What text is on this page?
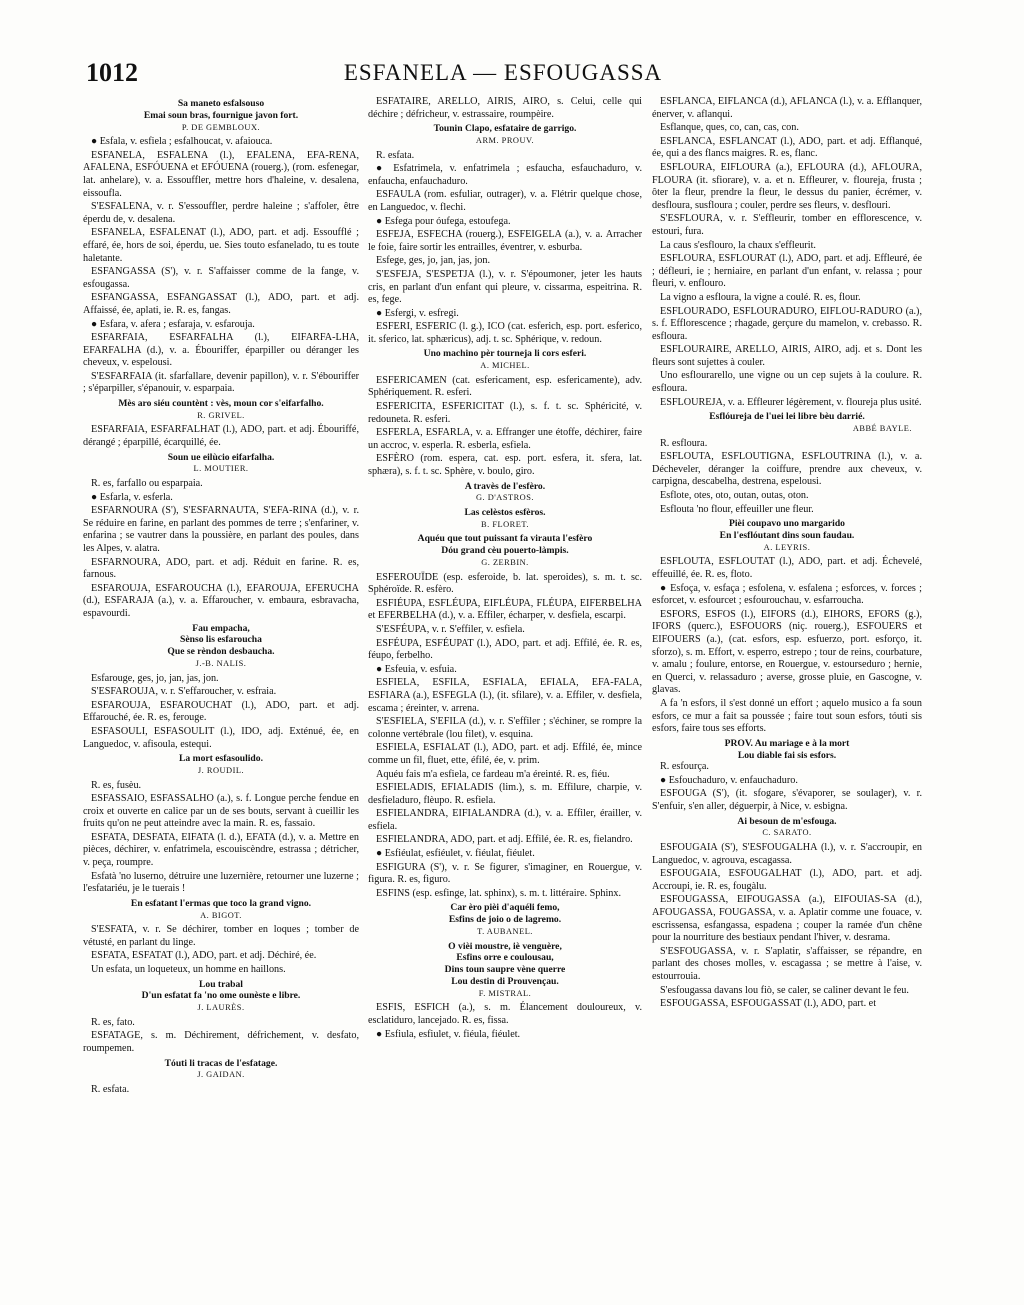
1012	ESFANELA — ESFOUGASSA
Sa maneto esfalsouso
Emai soun bras, fournigue javon fort.
P. DE GEMBLOUX.

● Esfala, v. esfiela ; esfalhoucat, v. afaiouca.

ESFANELA, ESFALENA (l.), EFALENA, EFA-RENA, AFALENA, ESFÓUENA et EFÓUENA (rouerg.), (rom. esfenegar, lat. anhelare), v. a. Essouffler, mettre hors d'haleine, v. desalena, eissoufla.

S'ESFALENA, v. r. S'essouffler, perdre haleine ; s'affoler, être éperdu de, v. desalena.

ESFANELA, ESFALENAT (l.), ADO, part. et adj. Essoufflé ; effaré, ée, hors de soi, éperdu, ue. Sies touto esfanelado, tu es toute haletante.

ESFANGASSA (S'), v. r. S'affaisser comme de la fange, v. esfougassa.

ESFANGASSA, ESFANGASSAT (l.), ADO, part. et adj. Affaissé, ée, aplati, ie. R. es, fangas.

● Esfara, v. afera ; esfaraja, v. esfarouja.

ESFARFAIA, ESFARFALHA (l.), EIFARFA-LHA, EFARFALHA (d.), v. a. Ébouriffer, éparpiller ou déranger les cheveux, v. espelousi.

S'ESFARFAIA (it. sfarfallare, devenir papillon), v. r. S'ébouriffer ; s'éparpiller, s'épanouir, v. esparpaia.

Mès aro siéu countènt : vès, moun cor s'eifarfalho.
R. GRIVEL.

ESFARFAIA, ESFARFALHAT (l.), ADO, part. et adj. Ébouriffé, dérangé ; éparpillé, écarquillé, ée.

Soun ue eilùcio eifarfalha.
L. MOUTIER.

R. es, farfallo ou esparpaia.

● Esfarla, v. esferla.

ESFARNOURA (S'), S'ESFARNAUTA, S'EFA-RINA (d.), v. r. Se réduire en farine, en parlant des pommes de terre ; s'enfariner, v. enfarina ; se vautrer dans la poussière, en parlant des poules, dans les Alpes, v. alatra.

ESFARNOURA, ADO, part. et adj. Réduit en farine. R. es, farnous.

ESFAROUJA, ESFAROUCHA (l.), EFAROUJA, EFERUCHA (d.), ESFARAJA (a.), v. a. Effaroucher, v. embaura, esbravacha, espavourdi.

Fau empacha,
Sènso lis esfaroucha
Que se rèndon desbaucha.
J.-B. NALIS.

Esfarouge, ges, jo, jan, jas, jon.

S'ESFAROUJA, v. r. S'effaroucher, v. esfraia.

ESFAROUJA, ESFAROUCHAT (l.), ADO, part. et adj. Effarouché, ée. R. es, ferouge.

ESFASOULI, ESFASOULIT (l.), IDO, adj. Exténué, ée, en Languedoc, v. afisoula, estequi.

La mort esfasoulido.
J. ROUDIL.

R. es, fusèu.

ESFASSAIO, ESFASSALHO (a.), s. f. Longue perche fendue en croix et ouverte en calice par un de ses bouts, servant à cueillir les fruits qu'on ne peut atteindre avec la main. R. es, fassaio.

ESFATA, DESFATA, EIFATA (l. d.), EFATA (d.), v. a. Mettre en pièces, déchirer, v. enfatrimela, escouiscèndre, estrassa ; détricher, v. peça, roumpre.

Esfatà 'no luserno, détruire une luzernière, retourner une luzerne ; l'esfatariéu, je le tuerais !

En esfatant l'ermas que toco la grand vigno.
A. BIGOT.

S'ESFATA, v. r. Se déchirer, tomber en loques ; tomber de vétusté, en parlant du linge.

ESFATA, ESFATAT (l.), ADO, part. et adj. Déchiré, ée.

Un esfata, un loqueteux, un homme en haillons.

Lou trabal
D'un esfatat fa 'no ome ounèste e libre.
J. LAURÈS.

R. es, fato.

ESFATAGE, s. m. Déchirement, défrichement, v. desfato, roumpemen.

Tóuti li tracas de l'esfatage.
J. GAIDAN.

R. esfata.

ESFATAIRE, ARELLO, AIRIS, AIRO, s. Celui, celle qui déchire ; défricheur, v. estrassaire, roumpèire.

Tounin Clapo, esfataire de garrigo.
ARM. PROUV.

R. esfata.

● Esfatrimela, v. enfatrimela ; esfaucha, esfauchaduro, v. enfaucha, enfauchaduro.

ESFAULA (rom. esfuliar, outrager), v. a. Flétrir quelque chose, en Languedoc, v. flechi.

● Esfega pour óufega, estoufega.

ESFEJA, ESFECHA (rouerg.), ESFEIGELA (a.), v. a. Arracher le foie, faire sortir les entrailles, éventrer, v. esburba.

Esfege, ges, jo, jan, jas, jon.

S'ESFEJA, S'ESPETJA (l.), v. r. S'époumoner, jeter les hauts cris, en parlant d'un enfant qui pleure, v. cissarma, espeitrina. R. es, fege.

● Esfergi, v. esfregi.

ESFERI, ESFERIC (l. g.), ICO (cat. esferich, esp. port. esferico, it. sferico, lat. sphæricus), adj. t. sc. Sphérique, v. redoun.

Uno machino pèr tourneja li cors esferi.
A. MICHEL.

ESFERICAMEN (cat. esfericament, esp. esfericamente), adv. Sphériquement. R. esferi.

ESFERICITA, ESFERICITAT (l.), s. f. t. sc. Sphéricité, v. redouneta. R. esferi.

ESFERLA, ESFARLA, v. a. Effranger une étoffe, déchirer, faire un accroc, v. esperla. R. esberla, esfiela.

ESFÈRO (rom. espera, cat. esp. port. esfera, it. sfera, lat. sphæra), s. f. t. sc. Sphère, v. boulo, giro.

A travès de l'esfèro.
G. D'ASTROS.
Las celèstos esfèros.
B. FLORET.
Aquéu que tout puissant fa virauta l'esfèro
Dóu grand cèu pouerto-làmpis.
G. ZERBIN.

ESFEROUÏDE (esp. esferoide, b. lat. speroides), s. m. t. sc. Sphéroïde. R. esfèro.

ESFIÉUPA, ESFLÉUPA, EIFLÉUPA, FLÉUPA, EIFERBELHA et EFERBELHA (d.), v. a. Effiler, écharper, v. desfiela, escarpi.

S'ESFÉUPA, v. r. S'effiler, v. esfiela.

ESFÉUPA, ESFÉUPAT (l.), ADO, part. et adj. Effilé, ée. R. es, féupo, ferbelho.

● Esfeuia, v. esfuia.

ESFIELA, ESFILA, ESFIALA, EFIALA, EFA-FALA, ESFIARA (a.), ESFEGLA (l.), (it. sfilare), v. a. Effiler, v. desfiela, escama ; éreinter, v. arrena.

S'ESFIELA, S'EFILA (d.), v. r. S'effiler ; s'échiner, se rompre la colonne vertébrale (lou filet), v. esquina.

ESFIELA, ESFIALAT (l.), ADO, part. et adj. Effilé, ée, mince comme un fil, fluet, ette, éfilé, ée, v. prim.

Aquéu fais m'a esfiela, ce fardeau m'a éreinté. R. es, fiéu.

ESFIELADIS, EFIALADIS (lim.), s. m. Effilure, charpie, v. desfieladuro, flèupo. R. esfiela.

ESFIELANDRA, EIFIALANDRA (d.), v. a. Effiler, érailler, v. esfiela.

ESFIELANDRA, ADO, part. et adj. Effilé, ée. R. es, fielandro.

● Esfiéulat, esfiéulet, v. fiéulat, fiéulet.

ESFIGURA (S'), v. r. Se figurer, s'imaginer, en Rouergue, v. figura. R. es, figuro.

ESFINS (esp. esfinge, lat. sphinx), s. m. t. littéraire. Sphinx.

Car èro pièi d'aquéli femo,
Esfins de joio o de lagremo.
T. AUBANEL.
O vièi moustre, iè venguère,
Esfins orre e coulousau,
Dins toun saupre vène querre
Lou destin di Prouvençau.
F. MISTRAL.

ESFIS, ESFICH (a.), s. m. Élancement douloureux, v. esclatiduro, lancejado. R. es, fissa.

● Esfiula, esfiulet, v. fiéula, fiéulet.

ESFLANCA, EIFLANCA (d.), AFLANCA (l.), v. a. Efflanquer, énerver, v. aflanqui.

Esflanque, ques, co, can, cas, con.

ESFLANCA, ESFLANCAT (l.), ADO, part. et adj. Efflanqué, ée, qui a des flancs maigres. R. es, flanc.

ESFLOURA, EIFLOURA (a.), EFLOURA (d.), AFLOURA, FLOURA (it. sfiorare), v. a. et n. Effleurer, v. floureja, frusta ; ôter la fleur, prendre la fleur, le dessus du panier, écrémer, v. desfloura, susfloura ; couler, perdre ses fleurs, v. desflouri.

S'ESFLOURA, v. r. S'effleurir, tomber en efflorescence, v. estouri, fura.

La caus s'esflouro, la chaux s'effleurit.

ESFLOURA, ESFLOURAT (l.), ADO, part. et adj. Effleuré, ée ; défleuri, ie ; herniaire, en parlant d'un enfant, v. relassa ; pour fleuri, v. enflouro.

La vigno a esfloura, la vigne a coulé. R. es, flour.

ESFLOURADO, ESFLOURADURO, EIFLOU-RADURO (a.), s. f. Efflorescence ; rhagade, gerçure du mamelon, v. crebasso. R. esfloura.

ESFLOURAIRE, ARELLO, AIRIS, AIRO, adj. et s. Dont les fleurs sont sujettes à couler.

Uno esflourarello, une vigne ou un cep sujets à la coulure. R. esfloura.

ESFLOUREJA, v. a. Effleurer légèrement, v. floureja plus usité.

Esflóureja de l'uei lei libre bèu darrié.
ABBÉ BAYLE.

R. esfloura.

ESFLOUTA, ESFLOUTIGNA, ESFLOUTRINA (l.), v. a. Décheveler, déranger la coiffure, prendre aux cheveux, v. carpigna, descabelha, destrena, espelousi.

Esflote, otes, oto, outan, outas, oton.

Esflouta 'no flour, effeuiller une fleur.

Pièi coupavo uno margarido
En l'esflóutant dins soun faudau.
A. LEYRIS.

ESFLOUTA, ESFLOUTAT (l.), ADO, part. et adj. Échevelé, effeuillé, ée. R. es, floto.

● Esfoça, v. esfaça ; esfolena, v. esfalena ; esforces, v. forces ; esforcet, v. esfourcet ; esfourouchau, v. esfarroucha.

ESFORS, ESFOS (l.), EIFORS (d.), EIHORS, EFORS (g.), IFORS (querc.), ESFOUORS (niç. rouerg.), ESFOUERS et EIFOUERS (a.), (cat. esfors, esp. esfuerzo, port. esforço, it. sforzo), s. m. Effort, v. esperro, estrepo ; tour de reins, courbature, v. amalu ; foulure, entorse, en Rouergue, v. estourseduro ; hernie, en Querci, v. relassaduro ; averse, grosse pluie, en Gascogne, v. glavas.

A fa 'n esfors, il s'est donné un effort ; aquelo musico a fa soun esfors, ce mur a fait sa poussée ; faire tout soun esfors, tóuti sis esfors, faire tous ses efforts.

PROV. Au mariage e à la mort
Lou diable fai sis esfors.

R. esfourça.

● Esfouchaduro, v. enfauchaduro.

ESFOUGA (S'), (it. sfogare, s'évaporer, se soulager), v. r. S'enfuir, s'en aller, déguerpir, à Nice, v. esbigna.

Ai besoun de m'esfouga.
C. SARATO.

ESFOUGAIA (S'), S'ESFOUGALHA (l.), v. r. S'accroupir, en Languedoc, v. agrouva, escagassa.

ESFOUGAIA, ESFOUGALHAT (l.), ADO, part. et adj. Accroupi, ie. R. es, fougàlu.

ESFOUGASSA, EIFOUGASSA (a.), EIFOUIAS-SA (d.), AFOUGASSA, FOUGASSA, v. a. Aplatir comme une fouace, v. escrissensa, esfangassa, espadena ; couper la ramée d'un chêne pour la nourriture des bestiaux pendant l'hiver, v. desrama.

S'ESFOUGASSA, v. r. S'aplatir, s'affaisser, se répandre, en parlant des choses molles, v. escagassa ; se mettre à l'aise, v. estourrouia.

S'esfougassa davans lou fiò, se caler, se caliner devant le feu.

ESFOUGASSA, ESFOUGASSAT (l.), ADO, part. et
